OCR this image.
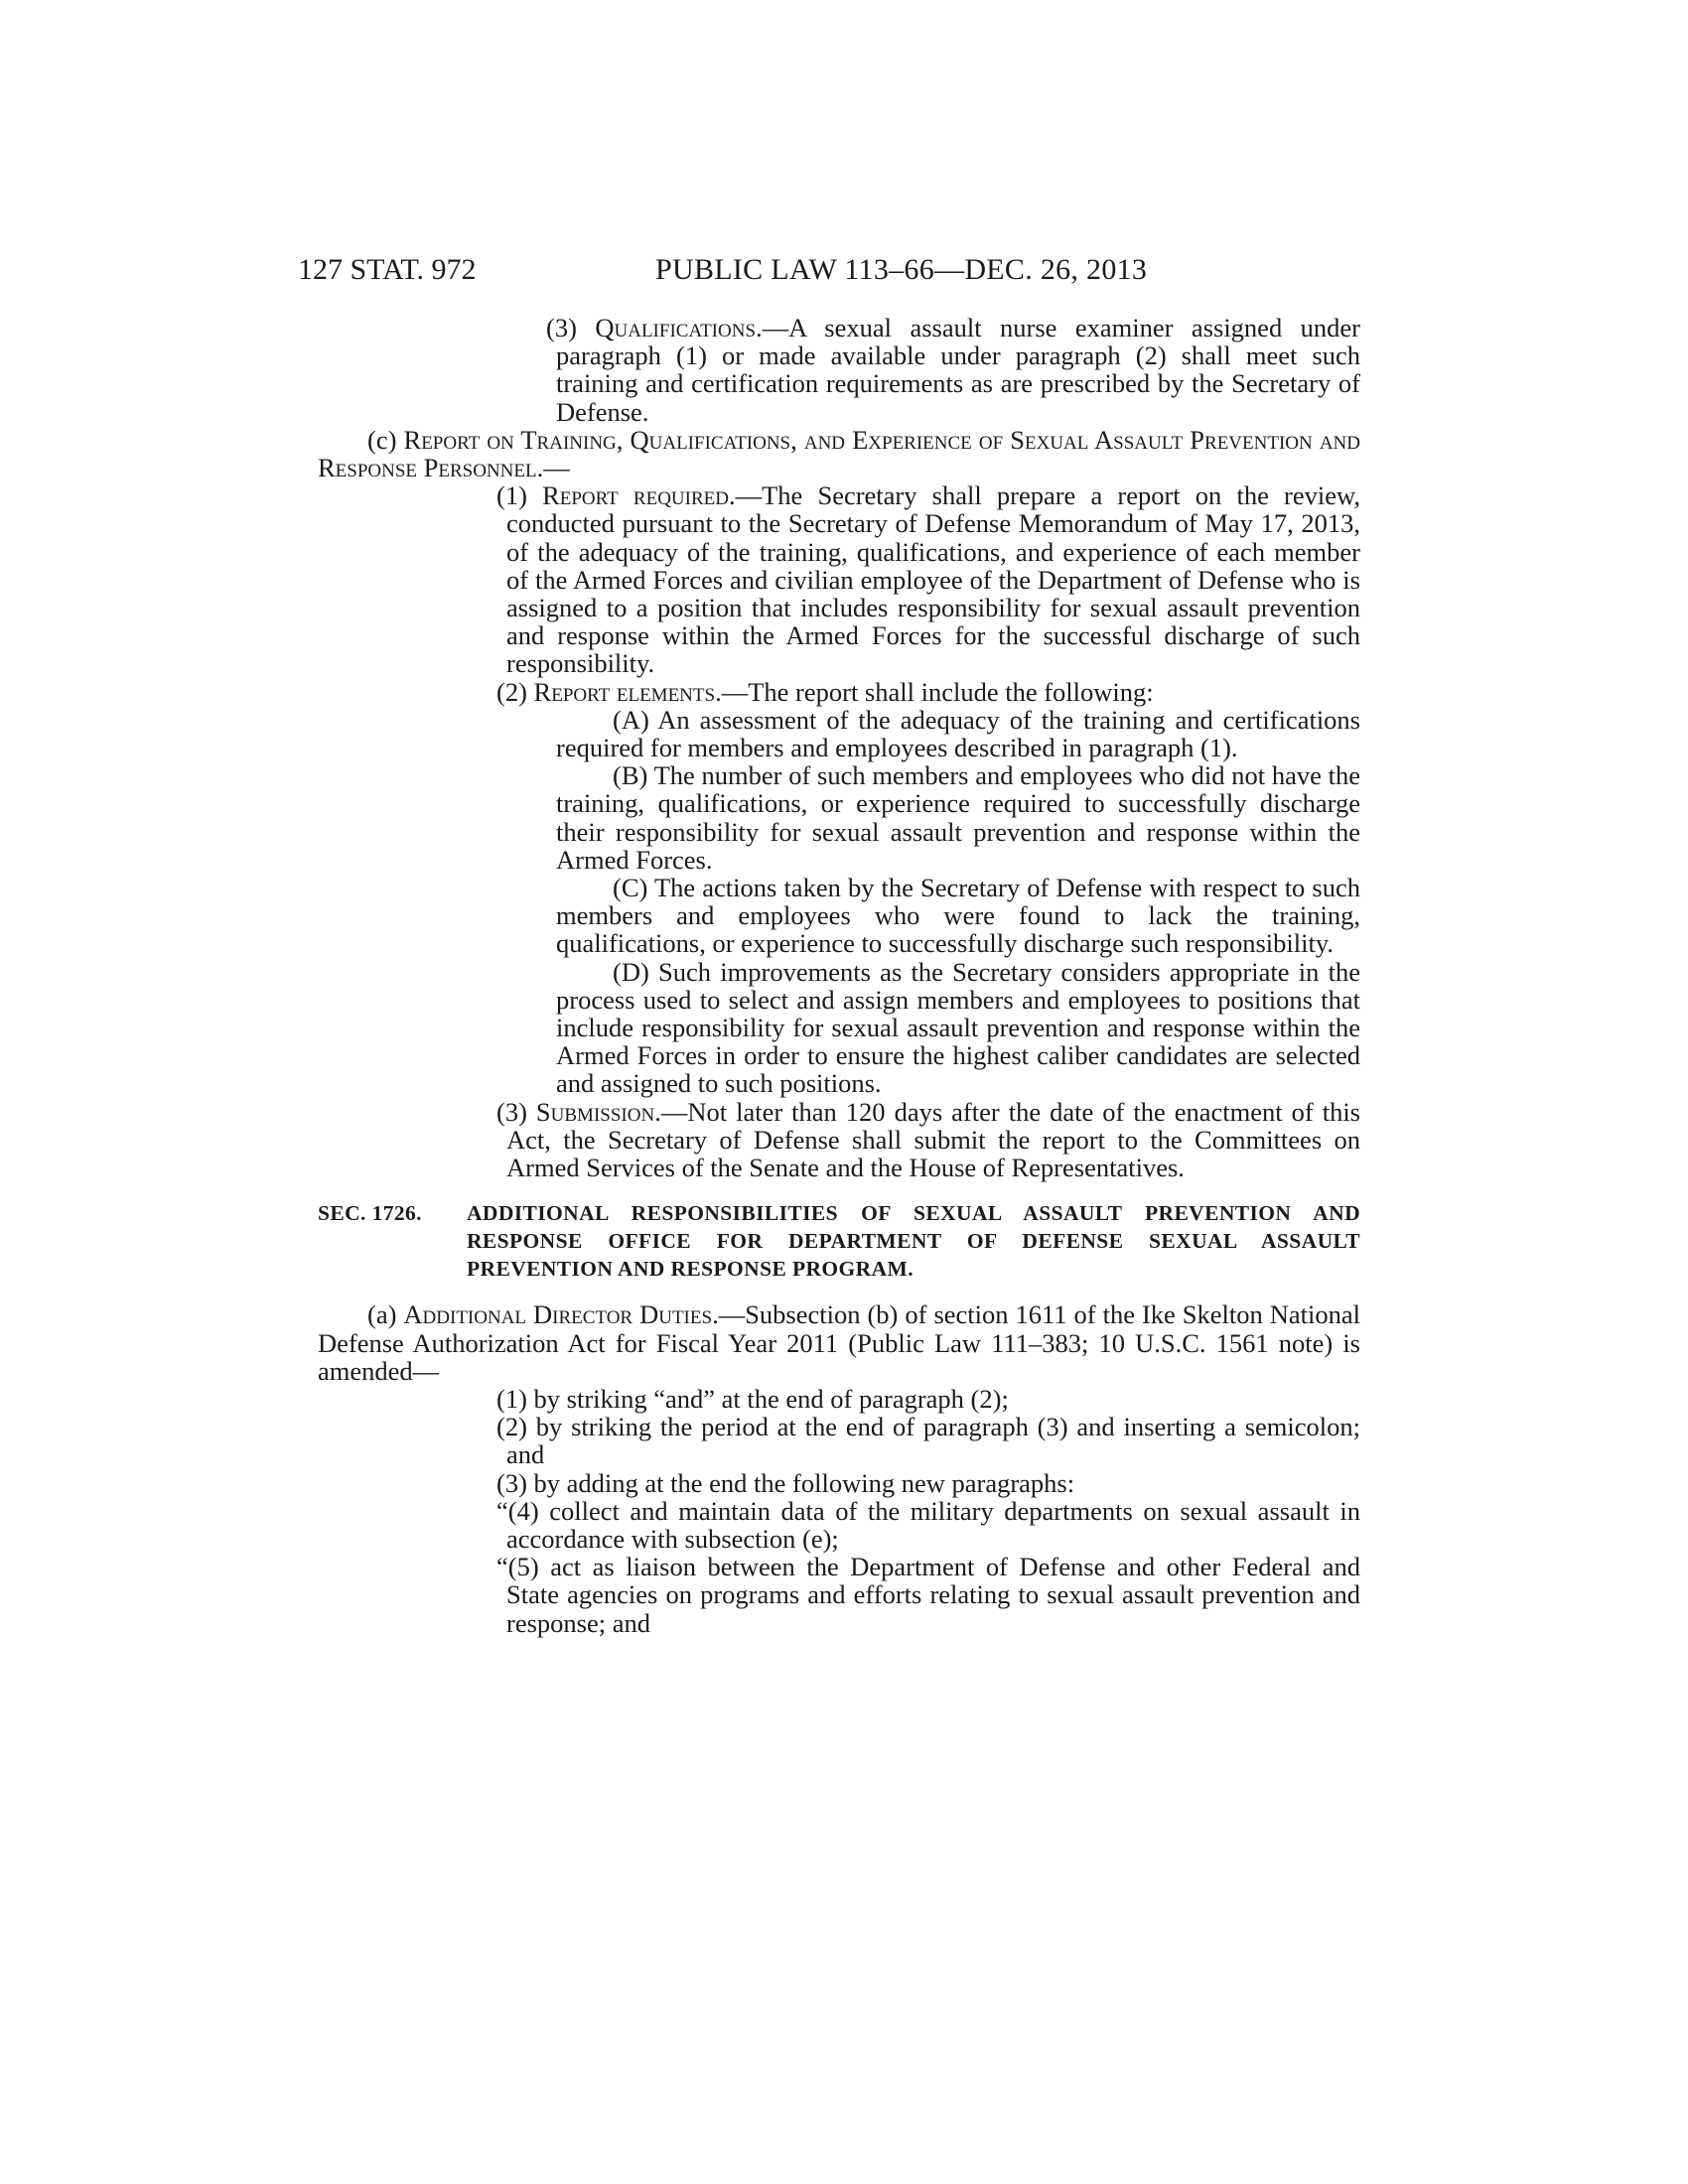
127 STAT. 972	PUBLIC LAW 113–66—DEC. 26, 2013

(3) Qualifications.—A sexual assault nurse examiner assigned under paragraph (1) or made available under paragraph (2) shall meet such training and certification requirements as are prescribed by the Secretary of Defense.

(c) Report on Training, Qualifications, and Experience of Sexual Assault Prevention and Response Personnel.—

(1) Report required.—The Secretary shall prepare a report on the review, conducted pursuant to the Secretary of Defense Memorandum of May 17, 2013, of the adequacy of the training, qualifications, and experience of each member of the Armed Forces and civilian employee of the Department of Defense who is assigned to a position that includes responsibility for sexual assault prevention and response within the Armed Forces for the successful discharge of such responsibility.

(2) Report elements.—The report shall include the following:

(A) An assessment of the adequacy of the training and certifications required for members and employees described in paragraph (1).

(B) The number of such members and employees who did not have the training, qualifications, or experience required to successfully discharge their responsibility for sexual assault prevention and response within the Armed Forces.

(C) The actions taken by the Secretary of Defense with respect to such members and employees who were found to lack the training, qualifications, or experience to successfully discharge such responsibility.

(D) Such improvements as the Secretary considers appropriate in the process used to select and assign members and employees to positions that include responsibility for sexual assault prevention and response within the Armed Forces in order to ensure the highest caliber candidates are selected and assigned to such positions.

(3) Submission.—Not later than 120 days after the date of the enactment of this Act, the Secretary of Defense shall submit the report to the Committees on Armed Services of the Senate and the House of Representatives.

SEC. 1726. ADDITIONAL RESPONSIBILITIES OF SEXUAL ASSAULT PREVENTION AND RESPONSE OFFICE FOR DEPARTMENT OF DEFENSE SEXUAL ASSAULT PREVENTION AND RESPONSE PROGRAM.

(a) Additional Director Duties.—Subsection (b) of section 1611 of the Ike Skelton National Defense Authorization Act for Fiscal Year 2011 (Public Law 111–383; 10 U.S.C. 1561 note) is amended—

(1) by striking “and” at the end of paragraph (2);

(2) by striking the period at the end of paragraph (3) and inserting a semicolon; and

(3) by adding at the end the following new paragraphs:

“(4) collect and maintain data of the military departments on sexual assault in accordance with subsection (e);

“(5) act as liaison between the Department of Defense and other Federal and State agencies on programs and efforts relating to sexual assault prevention and response; and
